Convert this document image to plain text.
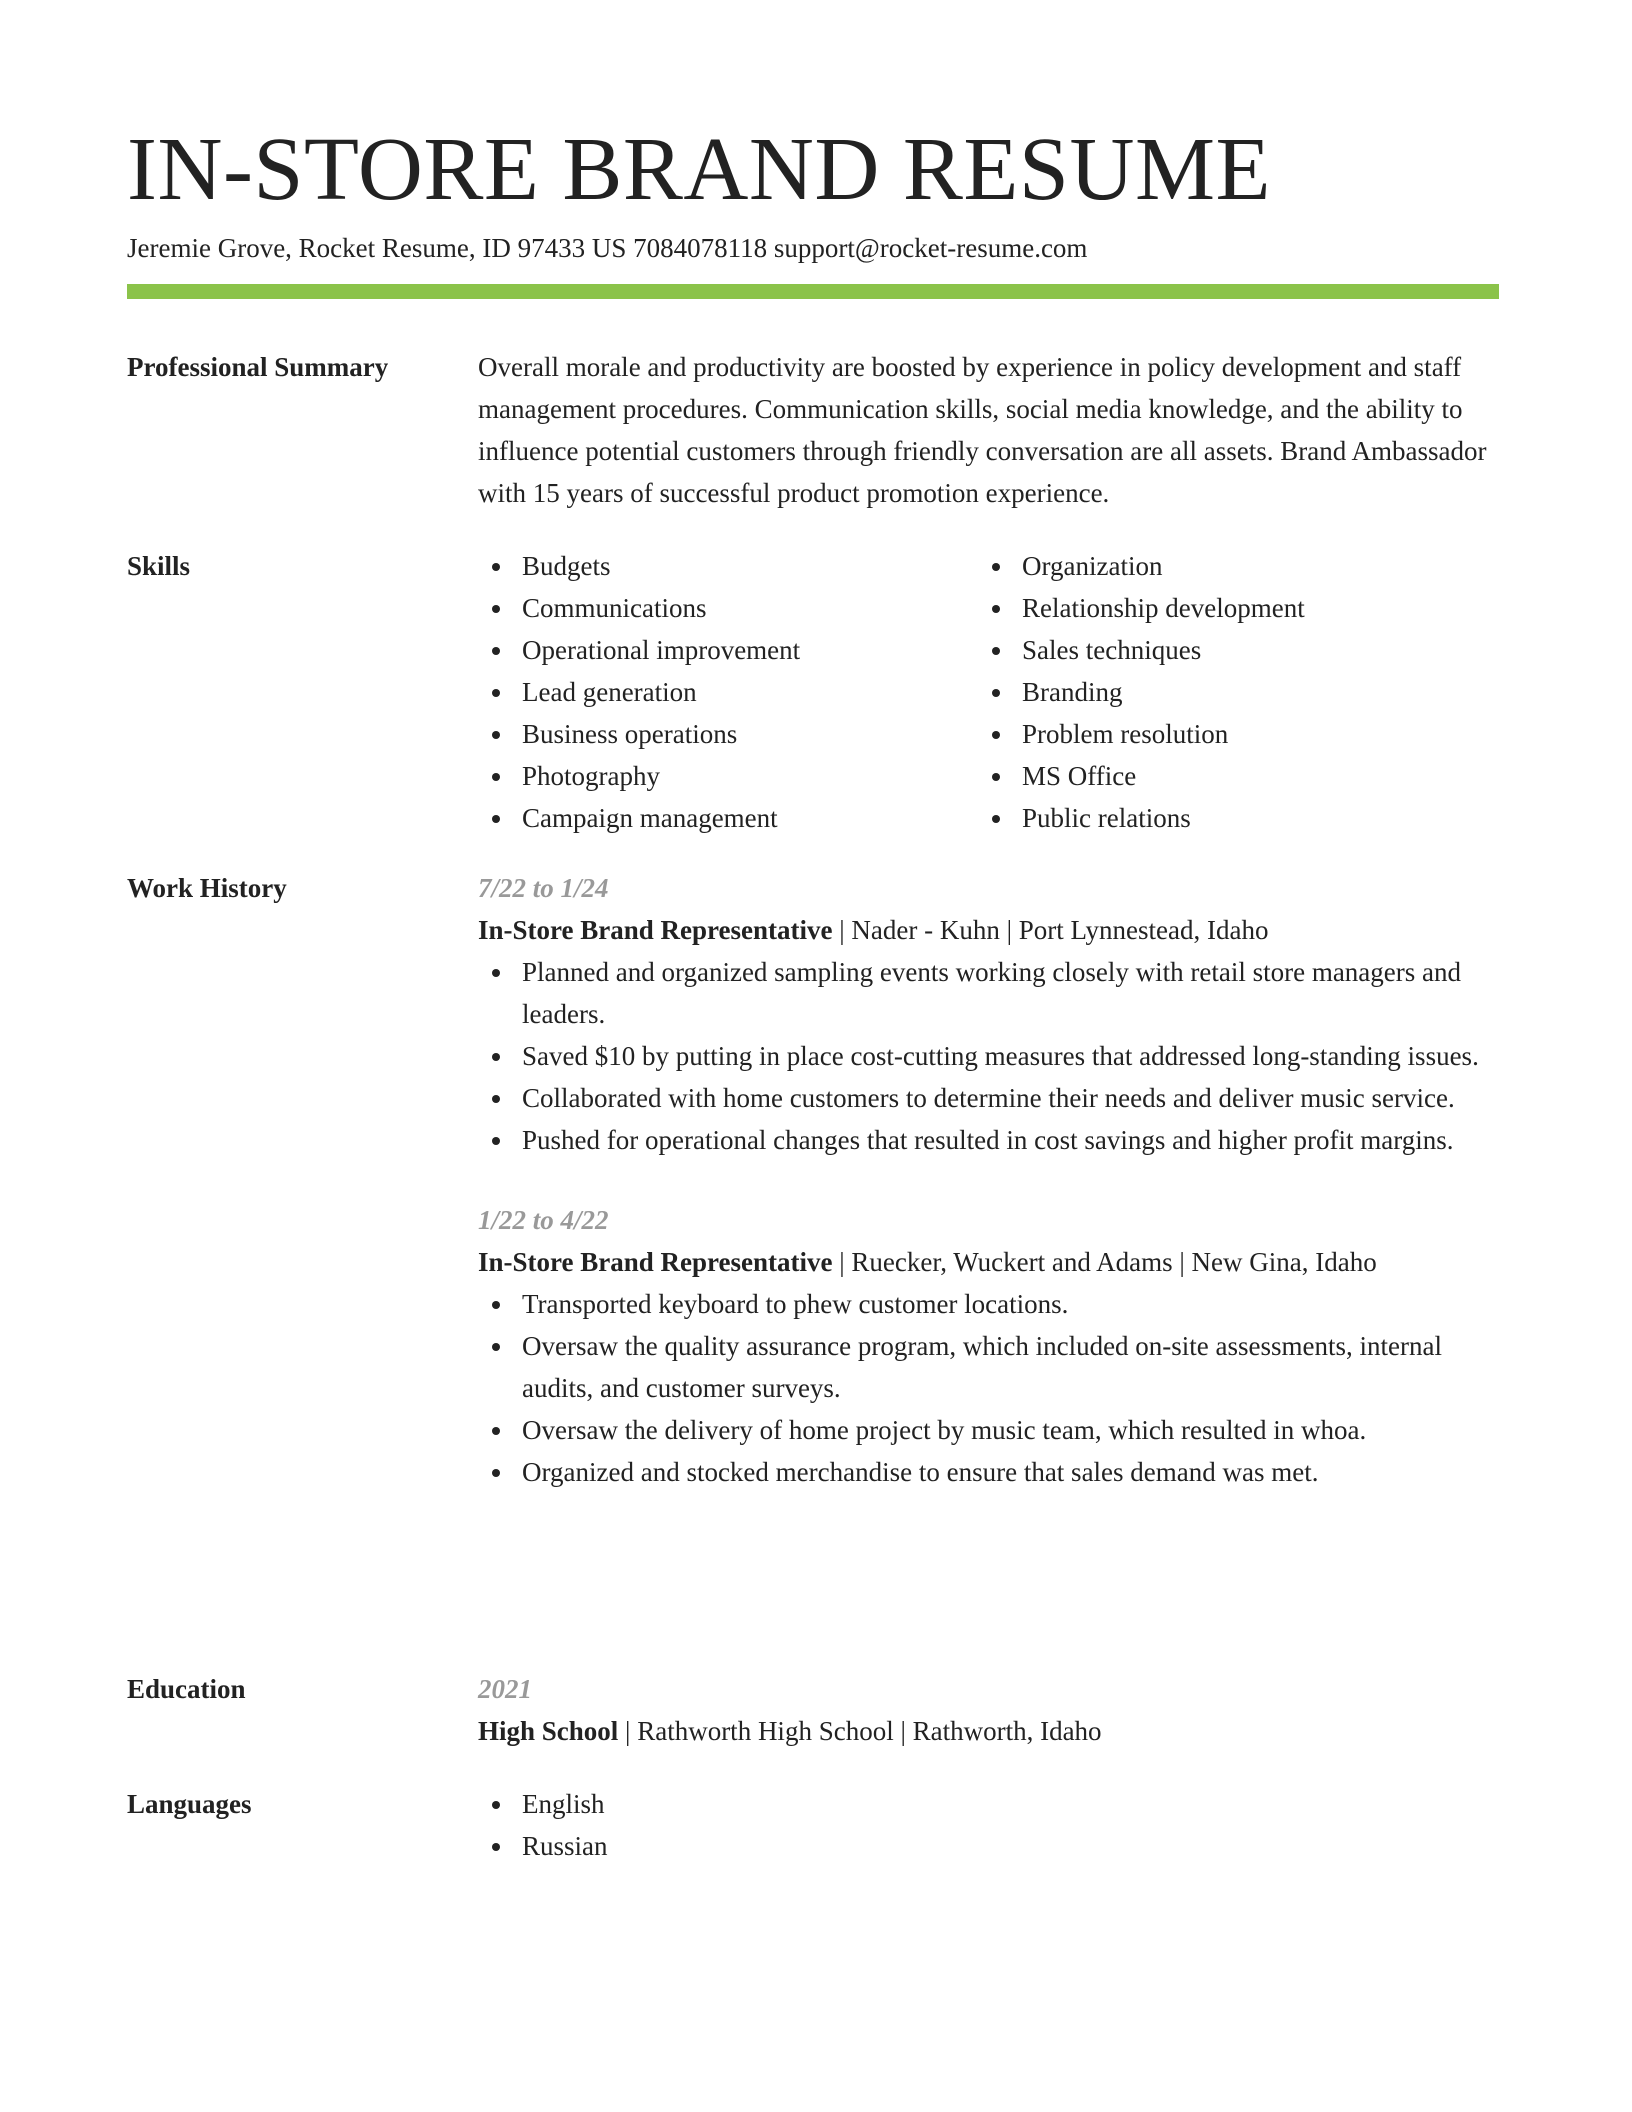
IN-STORE BRAND RESUME
Jeremie Grove, Rocket Resume, ID 97433 US 7084078118 support@rocket-resume.com
Professional Summary	Overall morale and productivity are boosted by experience in policy development and staff management procedures. Communication skills, social media knowledge, and the ability to influence potential customers through friendly conversation are all assets. Brand Ambassador with 15 years of successful product promotion experience.

Skills	Budgets
Communications
Operational improvement
Lead generation
Business operations
Photography
Campaign management
Organization
Relationship development
Sales techniques
Branding
Problem resolution
MS Office
Public relations
Work History	7/22 to 1/24
In-Store Brand Representative | Nader - Kuhn | Port Lynnestead, Idaho
Planned and organized sampling events working closely with retail store managers and leaders.
Saved $10 by putting in place cost-cutting measures that addressed long-standing issues.
Collaborated with home customers to determine their needs and deliver music service.
Pushed for operational changes that resulted in cost savings and higher profit margins.
1/22 to 4/22
In-Store Brand Representative | Ruecker, Wuckert and Adams | New Gina, Idaho
Transported keyboard to phew customer locations.
Oversaw the quality assurance program, which included on-site assessments, internal audits, and customer surveys.
Oversaw the delivery of home project by music team, which resulted in whoa.
Organized and stocked merchandise to ensure that sales demand was met.
Education	2021
High School | Rathworth High School | Rathworth, Idaho
Languages	English
Russian
